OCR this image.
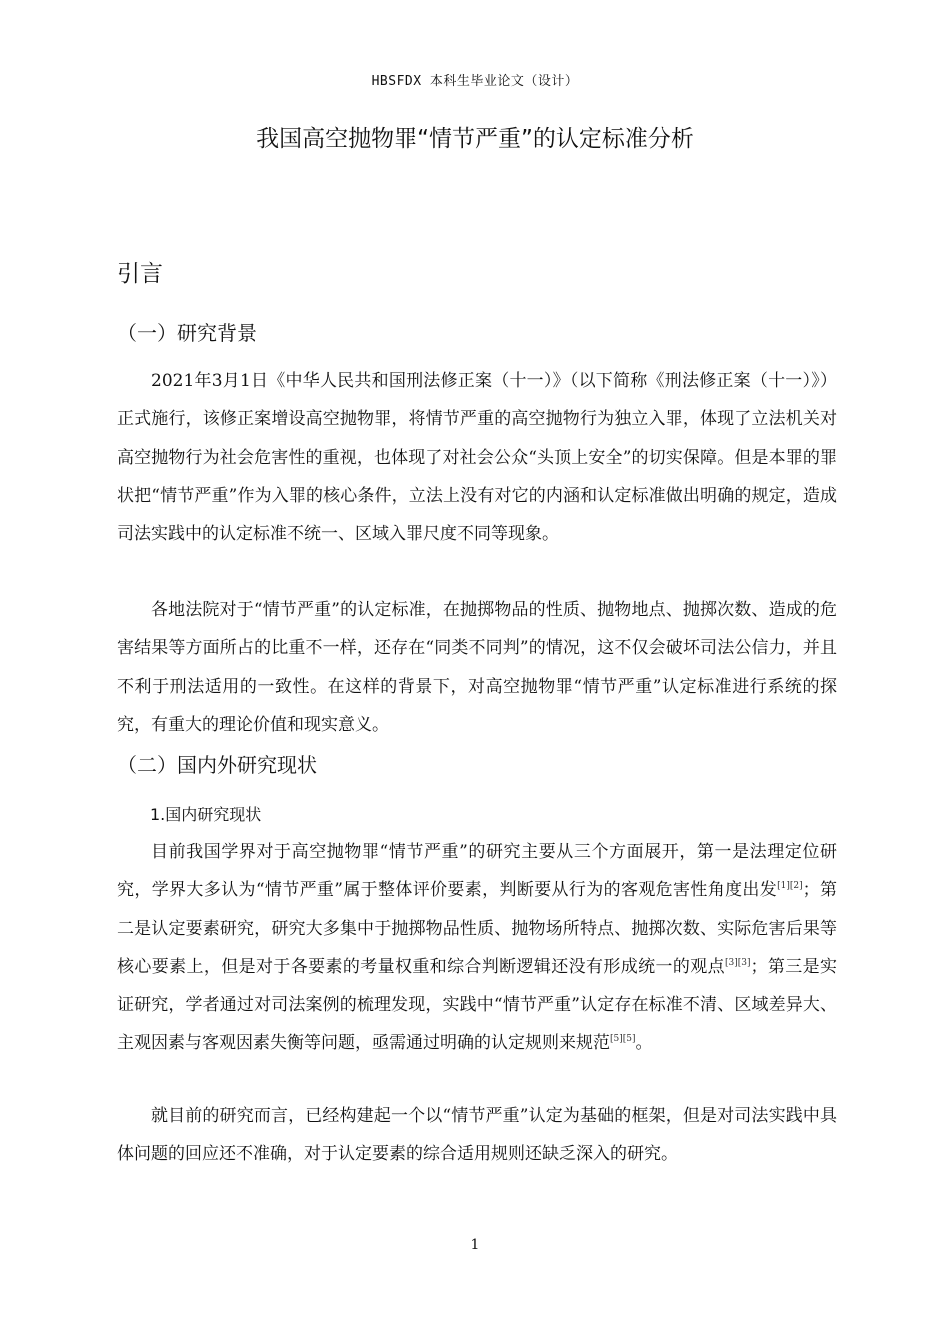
HBSFDX 本科生毕业论文（设计）
我国高空抛物罪“情节严重”的认定标准分析
引言
（一）研究背景

2021年3月1日《中华人民共和国刑法修正案（十一）》（以下简称《刑法修正案（十一）》）正式施行，该修正案增设高空抛物罪，将情节严重的高空抛物行为独立入罪，体现了立法机关对高空抛物行为社会危害性的重视，也体现了对社会公众“头顶上安全”的切实保障。但是本罪的罪状把“情节严重”作为入罪的核心条件，立法上没有对它的内涵和认定标准做出明确的规定，造成司法实践中的认定标准不统一、区域入罪尺度不同等现象。

各地法院对于“情节严重”的认定标准，在抛掷物品的性质、抛物地点、抛掷次数、造成的危害结果等方面所占的比重不一样，还存在“同类不同判”的情况，这不仅会破坏司法公信力，并且不利于刑法适用的一致性。在这样的背景下，对高空抛物罪“情节严重”认定标准进行系统的探究，有重大的理论价值和现实意义。

（二）国内外研究现状
1.国内研究现状

目前我国学界对于高空抛物罪“情节严重”的研究主要从三个方面展开，第一是法理定位研究，学界大多认为“情节严重”属于整体评价要素，判断要从行为的客观危害性角度出发[1][2]；第二是认定要素研究，研究大多集中于抛掷物品性质、抛物场所特点、抛掷次数、实际危害后果等核心要素上，但是对于各要素的考量权重和综合判断逻辑还没有形成统一的观点[3][3]；第三是实证研究，学者通过对司法案例的梳理发现，实践中“情节严重”认定存在标准不清、区域差异大、主观因素与客观因素失衡等问题，亟需通过明确的认定规则来规范[5][5]。

就目前的研究而言，已经构建起一个以“情节严重”认定为基础的框架，但是对司法实践中具体问题的回应还不准确，对于认定要素的综合适用规则还缺乏深入的研究。

1
